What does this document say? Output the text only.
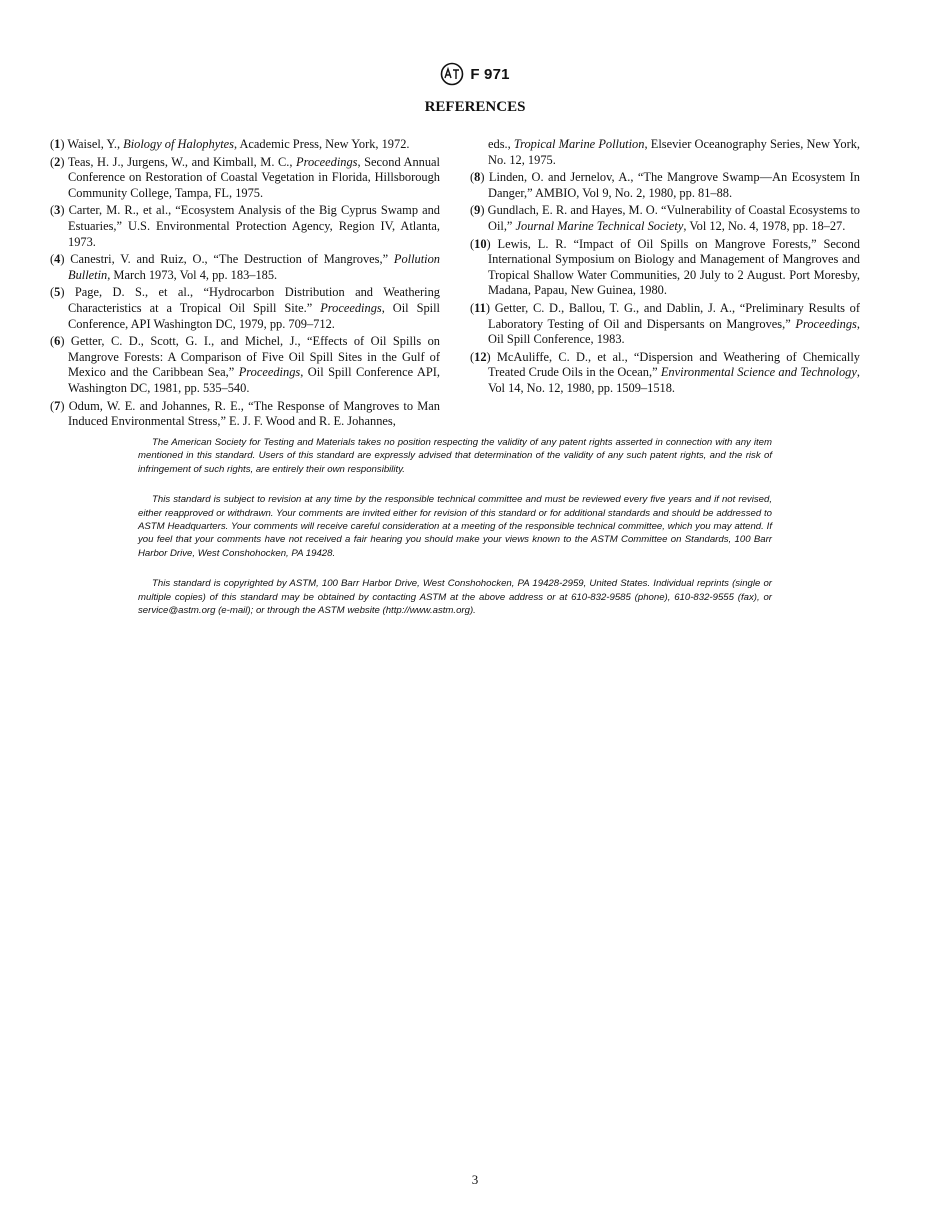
F 971
REFERENCES

(1) Waisel, Y., Biology of Halophytes, Academic Press, New York, 1972.

(2) Teas, H. J., Jurgens, W., and Kimball, M. C., Proceedings, Second Annual Conference on Restoration of Coastal Vegetation in Florida, Hillsborough Community College, Tampa, FL, 1975.

(3) Carter, M. R., et al., “Ecosystem Analysis of the Big Cyprus Swamp and Estuaries,” U.S. Environmental Protection Agency, Region IV, Atlanta, 1973.

(4) Canestri, V. and Ruiz, O., “The Destruction of Mangroves,” Pollution Bulletin, March 1973, Vol 4, pp. 183–185.

(5) Page, D. S., et al., “Hydrocarbon Distribution and Weathering Characteristics at a Tropical Oil Spill Site.” Proceedings, Oil Spill Conference, API Washington DC, 1979, pp. 709–712.

(6) Getter, C. D., Scott, G. I., and Michel, J., “Effects of Oil Spills on Mangrove Forests: A Comparison of Five Oil Spill Sites in the Gulf of Mexico and the Caribbean Sea,” Proceedings, Oil Spill Conference API, Washington DC, 1981, pp. 535–540.

(7) Odum, W. E. and Johannes, R. E., “The Response of Mangroves to Man Induced Environmental Stress,” E. J. F. Wood and R. E. Johannes,

eds., Tropical Marine Pollution, Elsevier Oceanography Series, New York, No. 12, 1975.

(8) Linden, O. and Jernelov, A., “The Mangrove Swamp—An Ecosystem In Danger,” AMBIO, Vol 9, No. 2, 1980, pp. 81–88.

(9) Gundlach, E. R. and Hayes, M. O. “Vulnerability of Coastal Ecosystems to Oil,” Journal Marine Technical Society, Vol 12, No. 4, 1978, pp. 18–27.

(10) Lewis, L. R. “Impact of Oil Spills on Mangrove Forests,” Second International Symposium on Biology and Management of Mangroves and Tropical Shallow Water Communities, 20 July to 2 August. Port Moresby, Madana, Papau, New Guinea, 1980.

(11) Getter, C. D., Ballou, T. G., and Dablin, J. A., “Preliminary Results of Laboratory Testing of Oil and Dispersants on Mangroves,” Proceedings, Oil Spill Conference, 1983.

(12) McAuliffe, C. D., et al., “Dispersion and Weathering of Chemically Treated Crude Oils in the Ocean,” Environmental Science and Technology, Vol 14, No. 12, 1980, pp. 1509–1518.

The American Society for Testing and Materials takes no position respecting the validity of any patent rights asserted in connection with any item mentioned in this standard. Users of this standard are expressly advised that determination of the validity of any such patent rights, and the risk of infringement of such rights, are entirely their own responsibility.

This standard is subject to revision at any time by the responsible technical committee and must be reviewed every five years and if not revised, either reapproved or withdrawn. Your comments are invited either for revision of this standard or for additional standards and should be addressed to ASTM Headquarters. Your comments will receive careful consideration at a meeting of the responsible technical committee, which you may attend. If you feel that your comments have not received a fair hearing you should make your views known to the ASTM Committee on Standards, 100 Barr Harbor Drive, West Conshohocken, PA 19428.

This standard is copyrighted by ASTM, 100 Barr Harbor Drive, West Conshohocken, PA 19428-2959, United States. Individual reprints (single or multiple copies) of this standard may be obtained by contacting ASTM at the above address or at 610-832-9585 (phone), 610-832-9555 (fax), or service@astm.org (e-mail); or through the ASTM website (http://www.astm.org).

3
